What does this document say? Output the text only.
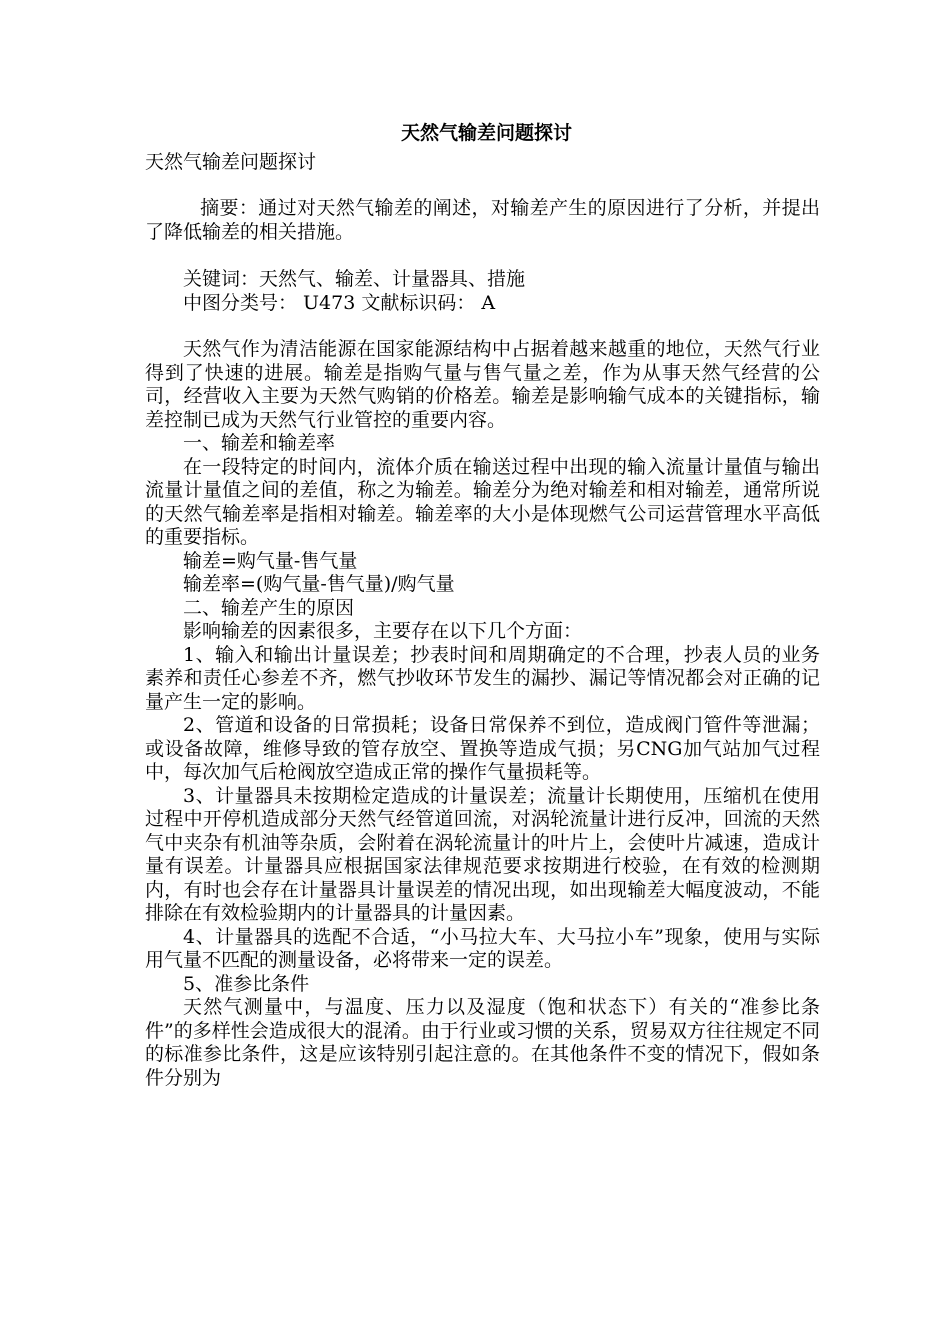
天然气输差问题探讨

天然气输差问题探讨

摘要：通过对天然气输差的阐述，对输差产生的原因进行了分析，并提出了降低输差的相关措施。

关键词：天然气、输差、计量器具、措施

中图分类号： U473 文献标识码： A

天然气作为清洁能源在国家能源结构中占据着越来越重的地位，天然气行业得到了快速的进展。输差是指购气量与售气量之差，作为从事天然气经营的公司，经营收入主要为天然气购销的价格差。输差是影响输气成本的关键指标，输差控制已成为天然气行业管控的重要内容。

一、输差和输差率

在一段特定的时间内，流体介质在输送过程中出现的输入流量计量值与输出流量计量值之间的差值，称之为输差。输差分为绝对输差和相对输差，通常所说的天然气输差率是指相对输差。输差率的大小是体现燃气公司运营管理水平高低的重要指标。

输差=购气量-售气量

输差率=(购气量-售气量)/购气量

二、输差产生的原因

影响输差的因素很多，主要存在以下几个方面：

1、输入和输出计量误差；抄表时间和周期确定的不合理，抄表人员的业务素养和责任心参差不齐，燃气抄收环节发生的漏抄、漏记等情况都会对正确的记量产生一定的影响。

2、管道和设备的日常损耗；设备日常保养不到位，造成阀门管件等泄漏；或设备故障，维修导致的管存放空、置换等造成气损；另CNG加气站加气过程中，每次加气后枪阀放空造成正常的操作气量损耗等。

3、计量器具未按期检定造成的计量误差；流量计长期使用，压缩机在使用过程中开停机造成部分天然气经管道回流，对涡轮流量计进行反冲，回流的天然气中夹杂有机油等杂质，会附着在涡轮流量计的叶片上，会使叶片减速，造成计量有误差。计量器具应根据国家法律规范要求按期进行校验，在有效的检测期内，有时也会存在计量器具计量误差的情况出现，如出现输差大幅度波动，不能排除在有效检验期内的计量器具的计量因素。

4、计量器具的选配不合适，“小马拉大车、大马拉小车”现象，使用与实际用气量不匹配的测量设备，必将带来一定的误差。

5、准参比条件

天然气测量中，与温度、压力以及湿度（饱和状态下）有关的“准参比条件”的多样性会造成很大的混淆。由于行业或习惯的关系，贸易双方往往规定不同的标准参比条件，这是应该特别引起注意的。在其他条件不变的情况下，假如条件分别为
